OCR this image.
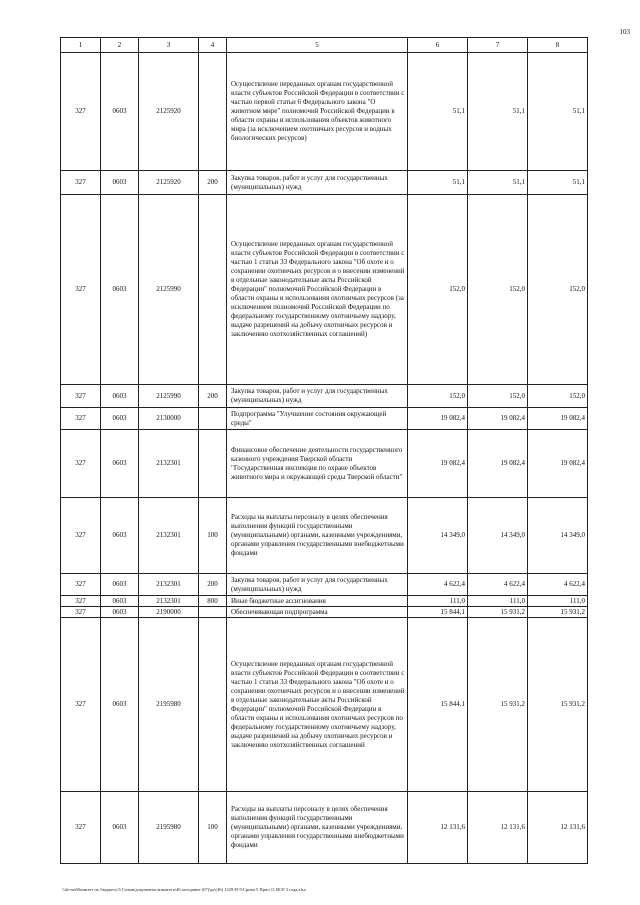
103
1	2	3	4	5	6	7	8
327	0603	2125920		Осуществление переданных органам государственной власти субъектов Российской Федерации в соответствии с частью первой статьи 6 Федерального закона "О животном мире" полномочий Российской Федерации в области охраны и использования объектов животного мира (за исключением охотничьих ресурсов и водных биологических ресурсов)	51,1	51,1	51,1
327	0603	2125920	200	Закупка товаров, работ и услуг для государственных (муниципальных) нужд	51,1	51,1	51,1
327	0603	2125990		Осуществление переданных органам государственной власти субъектов Российской Федерации в соответствии с частью 1 статьи 33 Федерального закона "Об охоте и о сохранении охотничьих ресурсов и о внесении изменений в отдельные законодательные акты Российской Федерации" полномочий Российской Федерации в области охраны и использования охотничьих ресурсов (за исключением полномочий Российской Федерации по федеральному государственному охотничьему надзору, выдаче разрешений на добычу охотничьих ресурсов и заключению охотхозяйственных соглашений)	152,0	152,0	152,0
327	0603	2125990	200	Закупка товаров, работ и услуг для государственных (муниципальных) нужд	152,0	152,0	152,0
327	0603	2130000		Подпрограмма "Улучшение состояния окружающей среды"	19 082,4	19 082,4	19 082,4
327	0603	2132301		Финансовое обеспечение деятельности государственного казенного учреждения Тверской области "Государственная инспекция по охране объектов животного мира и окружающей среды Тверской области"	19 082,4	19 082,4	19 082,4
327	0603	2132301	100	Расходы на выплаты персоналу в целях обеспечения выполнения функций государственными (муниципальными) органами, казенными учреждениями, органами управления государственными внебюджетными фондами	14 349,0	14 349,0	14 349,0
327	0603	2132301	200	Закупка товаров, работ и услуг для государственных (муниципальных) нужд	4 622,4	4 622,4	4 622,4
327	0603	2132301	800	Иные бюджетные ассигнования	111,0	111,0	111,0
327	0603	2190000		Обеспечивающая подпрограмма	15 844,1	15 931,2	15 931,2
327	0603	2195980		Осуществление переданных органам государственной власти субъектов Российской Федерации в соответствии с частью 1 статьи 33 Федерального закона "Об охоте и о сохранении охотничьих ресурсов и о внесении изменений в отдельные законодательные акты Российской Федерации" полномочий Российской Федерации в области охраны и использования охотничьих ресурсов по федеральному государственному охотничьему надзору, выдаче разрешений на добычу охотничьих ресурсов и заключению охотхозяйственных соглашений	15 844,1	15 931,2	15 931,2
327	0603	2195980	100	Расходы на выплаты персоналу в целях обеспечения выполнения функций государственными (муниципальными) органами, казенными учреждениями, органами управления государственными внебюджетными фондами	12 131,6	12 131,6	12 131,6
\\ile-net\Комитет по бюджету\5 Созыв\документы комитета\46 заседание (07)\pr\(46) 1329-П-5\Сроки 5 Прил 11 ВСР 3 года.xlsx
